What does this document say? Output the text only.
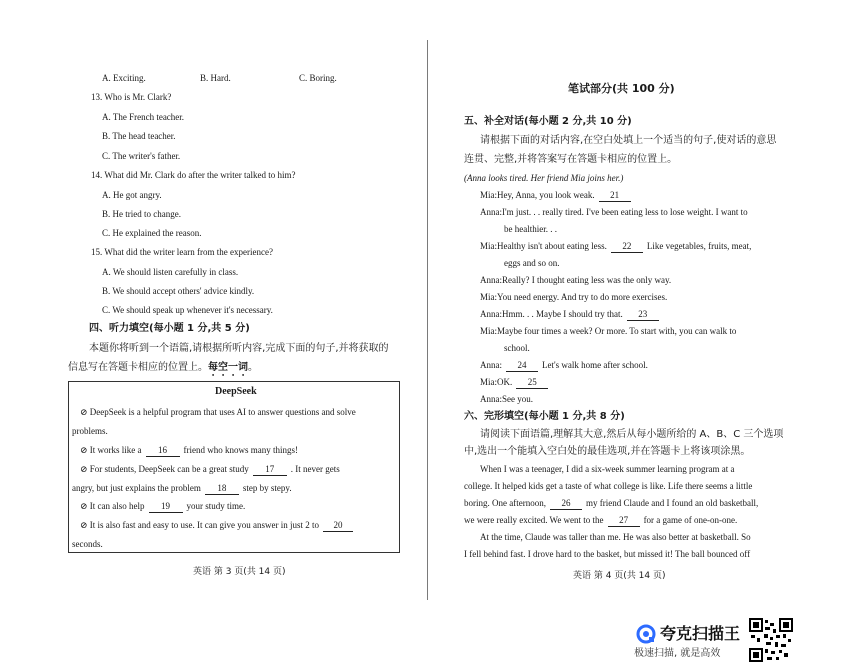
A. Exciting.	B. Hard.	C. Boring.
13. Who is Mr. Clark?
A. The French teacher.
B. The head teacher.
C. The writer's father.
14. What did Mr. Clark do after the writer talked to him?
A. He got angry.
B. He tried to change.
C. He explained the reason.
15. What did the writer learn from the experience?
A. We should listen carefully in class.
B. We should accept others' advice kindly.
C. We should speak up whenever it's necessary.
四、听力填空(每小题 1 分,共 5 分)
本题你将听到一个语篇,请根据所听内容,完成下面的句子,并将获取的
信息写在答题卡相应的位置上。每空一词。
DeepSeek
⊘ DeepSeek is a helpful program that uses AI to answer questions and solve
problems.
⊘ It works like a 16 friend who knows many things!
⊘ For students, DeepSeek can be a great study 17 . It never gets
angry, but just explains the problem 18 step by stepy.
⊘ It can also help 19 your study time.
⊘ It is also fast and easy to use. It can give you answer in just 2 to 20
seconds.
英语 第 3 页(共 14 页)
笔试部分(共 100 分)
五、补全对话(每小题 2 分,共 10 分)
请根据下面的对话内容,在空白处填上一个适当的句子,使对话的意思
连贯、完整,并将答案写在答题卡相应的位置上。
(Anna looks tired. Her friend Mia joins her.)
Mia:Hey, Anna, you look weak. 21
Anna:I'm just. . . really tired. I've been eating less to lose weight. I want to
be healthier. . .
Mia:Healthy isn't about eating less. 22 Like vegetables, fruits, meat,
eggs and so on.
Anna:Really? I thought eating less was the only way.
Mia:You need energy. And try to do more exercises.
Anna:Hmm. . . Maybe I should try that. 23
Mia:Maybe four times a week? Or more. To start with, you can walk to
school.
Anna: 24 Let's walk home after school.
Mia:OK. 25
Anna:See you.
六、完形填空(每小题 1 分,共 8 分)
请阅读下面语篇,理解其大意,然后从每小题所给的 A、B、C 三个选项
中,选出一个能填入空白处的最佳选项,并在答题卡上将该项涂黑。
When I was a teenager, I did a six-week summer learning program at a
college. It helped kids get a taste of what college is like. Life there seems a little
boring. One afternoon, 26 my friend Claude and I found an old basketball,
we were really excited. We went to the 27 for a game of one-on-one.
At the time, Claude was taller than me. He was also better at basketball. So
I fell behind fast. I drove hard to the basket, but missed it! The ball bounced off
英语 第 4 页(共 14 页)
夸克扫描王
极速扫描, 就是高效
